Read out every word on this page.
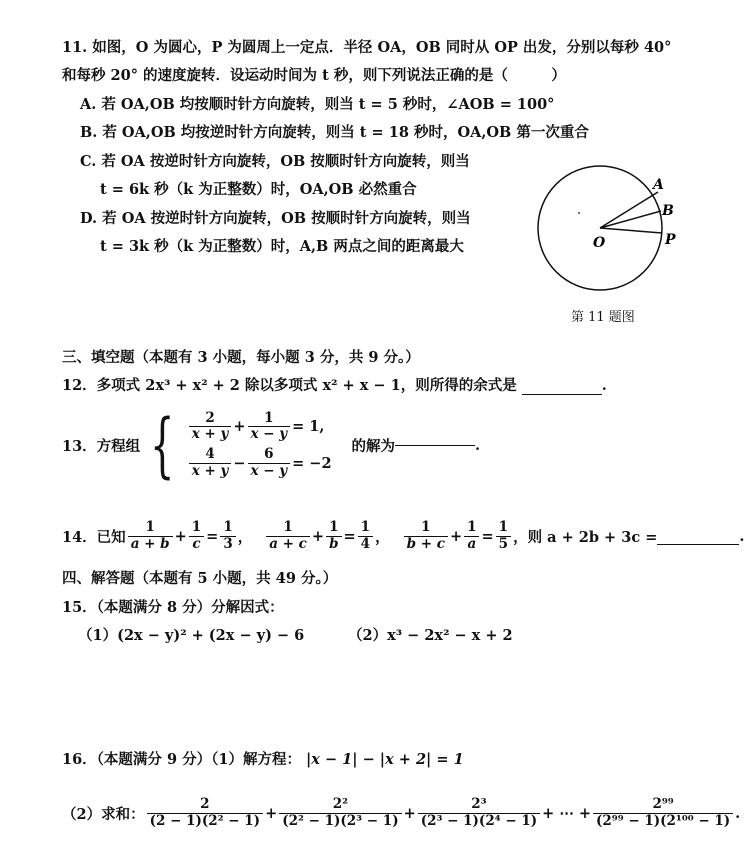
11. 如图，O 为圆心，P 为圆周上一定点．半径 OA，OB 同时从 OP 出发，分别以每秒 40°
和每秒 20° 的速度旋转．设运动时间为 t 秒，则下列说法正确的是（　　　）
A. 若 OA,OB 均按顺时针方向旋转，则当 t = 5 秒时，∠AOB = 100°
B. 若 OA,OB 均按逆时针方向旋转，则当 t = 18 秒时，OA,OB 第一次重合
C. 若 OA 按逆时针方向旋转，OB 按顺时针方向旋转，则当
t = 6k 秒（k 为正整数）时，OA,OB 必然重合
D. 若 OA 按逆时针方向旋转，OB 按顺时针方向旋转，则当
t = 3k 秒（k 为正整数）时，A,B 两点之间的距离最大	O
A
B
P
第 11 题图
三、填空题（本题有 3 小题，每小题 3 分，共 9 分。）
12．多项式 2x³ + x² + 2 除以多项式 x² + x − 1，则所得的余式是	.
13．方程组 { $\frac{2}{x + y} + \frac{1}{x - y} = 1$,
$\frac{4}{x + y} - \frac{6}{x - y} = -2$
的解为	.
14．已知 $\frac{1}{a + b} + \frac{1}{c} = \frac{1}{3}$ ， $\frac{1}{a + c} + \frac{1}{b} = \frac{1}{4}$ ， $\frac{1}{b + c} + \frac{1}{a} = \frac{1}{5}$ ，则 a + 2b + 3c =	.
四、解答题（本题有 5 小题，共 49 分。）
15．（本题满分 8 分）分解因式：
（1）(2x − y)² + (2x − y) − 6	（2）x³ − 2x² − x + 2
16．（本题满分 9 分）（1）解方程： |x − 1| − |x + 2| = 1
（2）求和： $\frac{2}{\text{(2 − 1)(2² − 1)}} + \frac{\text{2²}}{\text{(2² − 1)(2³ − 1)}} + \frac{\text{2³}}{\text{(2³ − 1)(2⁴ − 1)}}$ + ⋯ + $\frac{\text{2⁹⁹}}{\text{(2⁹⁹ − 1)(2¹⁰⁰ − 1)}}$ .
